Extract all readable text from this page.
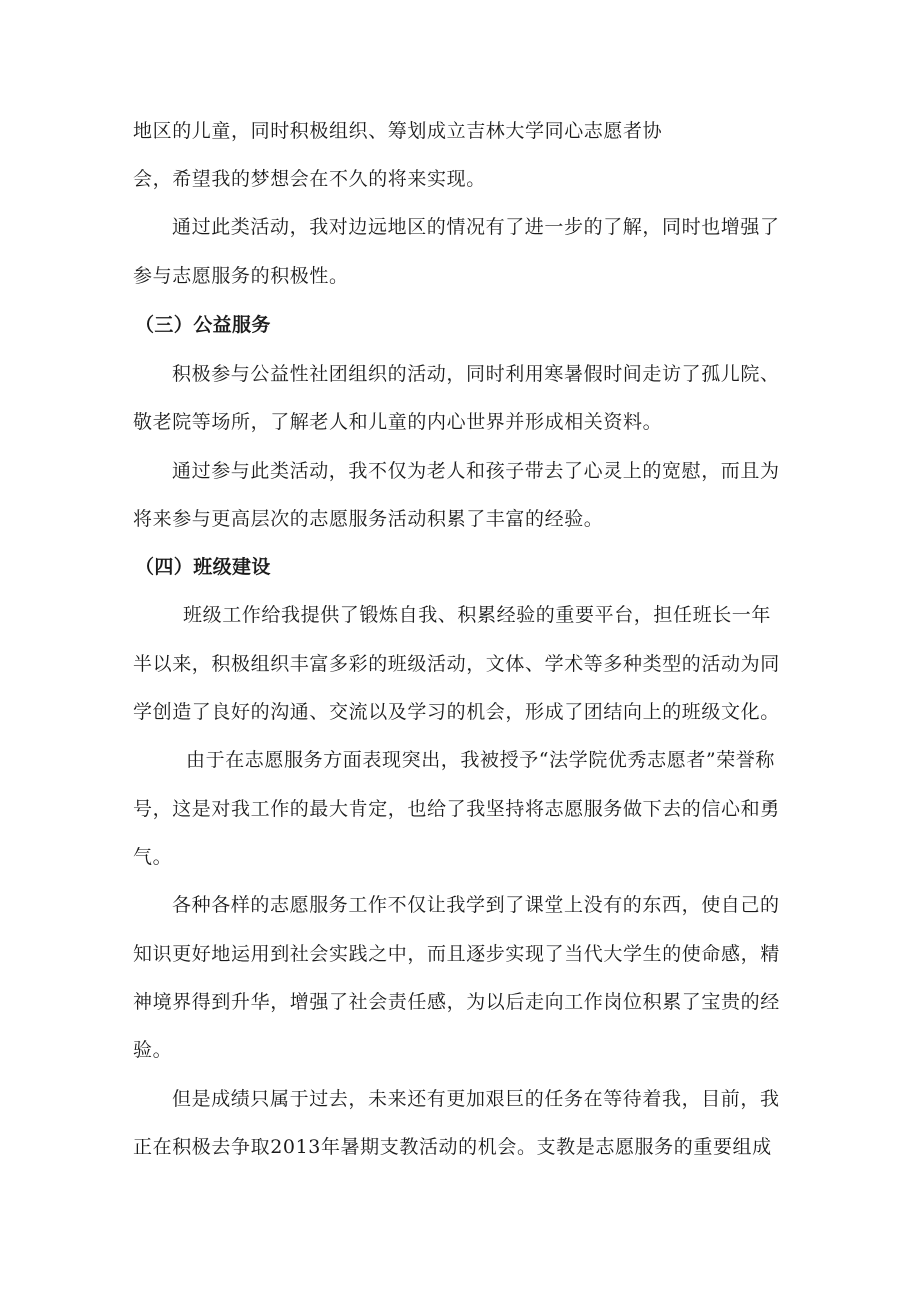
地区的儿童，同时积极组织、筹划成立吉林大学同心志愿者协
会，希望我的梦想会在不久的将来实现。
通过此类活动，我对边远地区的情况有了进一步的了解，同时也增强了
参与志愿服务的积极性。
（三）公益服务
积极参与公益性社团组织的活动，同时利用寒暑假时间走访了孤儿院、
敬老院等场所，了解老人和儿童的内心世界并形成相关资料。
通过参与此类活动，我不仅为老人和孩子带去了心灵上的宽慰，而且为
将来参与更高层次的志愿服务活动积累了丰富的经验。
（四）班级建设
班级工作给我提供了锻炼自我、积累经验的重要平台，担任班长一年
半以来，积极组织丰富多彩的班级活动，文体、学术等多种类型的活动为同
学创造了良好的沟通、交流以及学习的机会，形成了团结向上的班级文化。
由于在志愿服务方面表现突出，我被授予“法学院优秀志愿者”荣誉称
号，这是对我工作的最大肯定，也给了我坚持将志愿服务做下去的信心和勇
气。
各种各样的志愿服务工作不仅让我学到了课堂上没有的东西，使自己的
知识更好地运用到社会实践之中，而且逐步实现了当代大学生的使命感，精
神境界得到升华，增强了社会责任感，为以后走向工作岗位积累了宝贵的经
验。
但是成绩只属于过去，未来还有更加艰巨的任务在等待着我，目前，我
正在积极去争取2013年暑期支教活动的机会。支教是志愿服务的重要组成
